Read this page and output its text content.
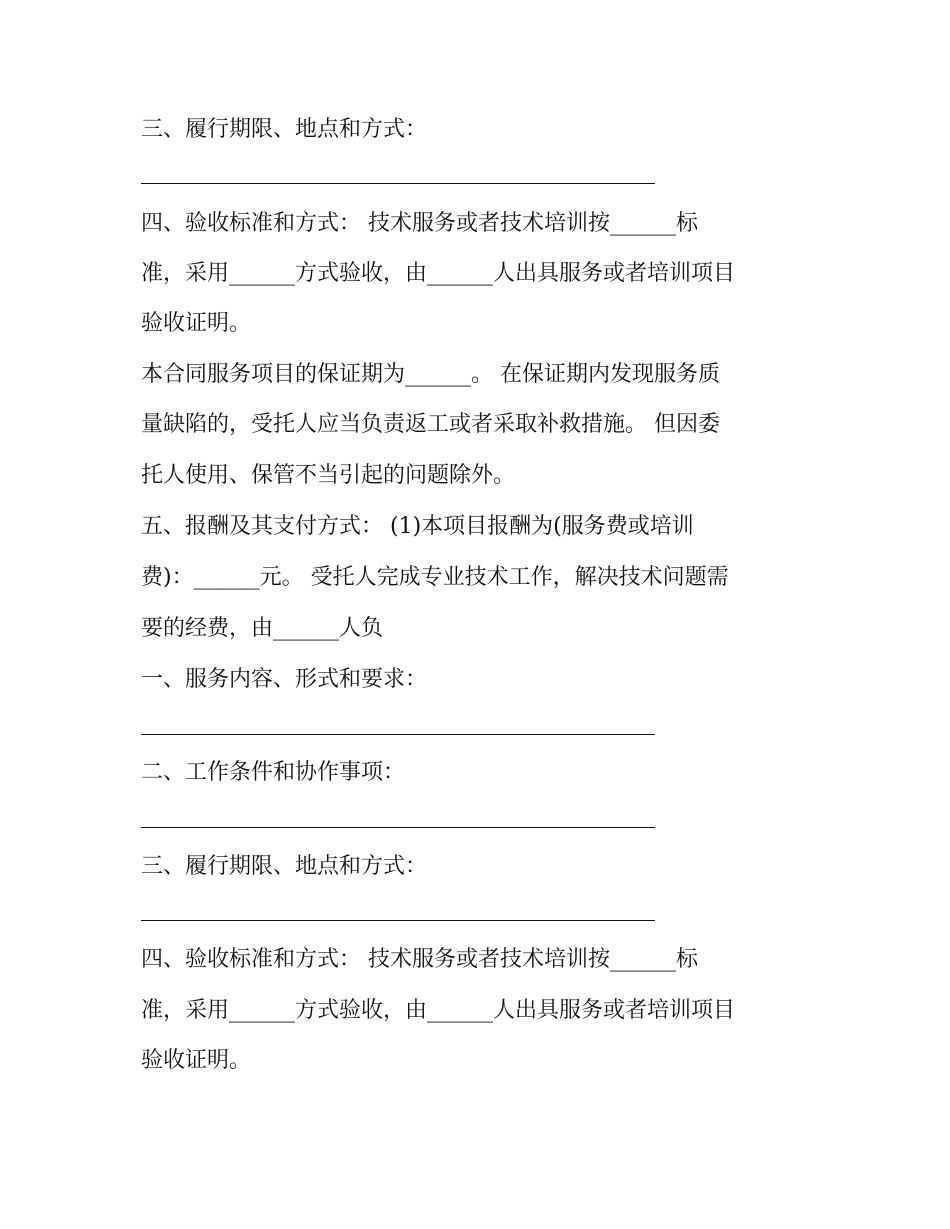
三、履行期限、地点和方式：
四、验收标准和方式： 技术服务或者技术培训按______标
准，采用______方式验收，由______人出具服务或者培训项目
验收证明。
本合同服务项目的保证期为______。 在保证期内发现服务质
量缺陷的，受托人应当负责返工或者采取补救措施。 但因委
托人使用、保管不当引起的问题除外。
五、报酬及其支付方式： (1)本项目报酬为(服务费或培训
费)：______元。 受托人完成专业技术工作，解决技术问题需
要的经费，由______人负
一、服务内容、形式和要求：
二、工作条件和协作事项：
三、履行期限、地点和方式：
四、验收标准和方式： 技术服务或者技术培训按______标
准，采用______方式验收，由______人出具服务或者培训项目
验收证明。
